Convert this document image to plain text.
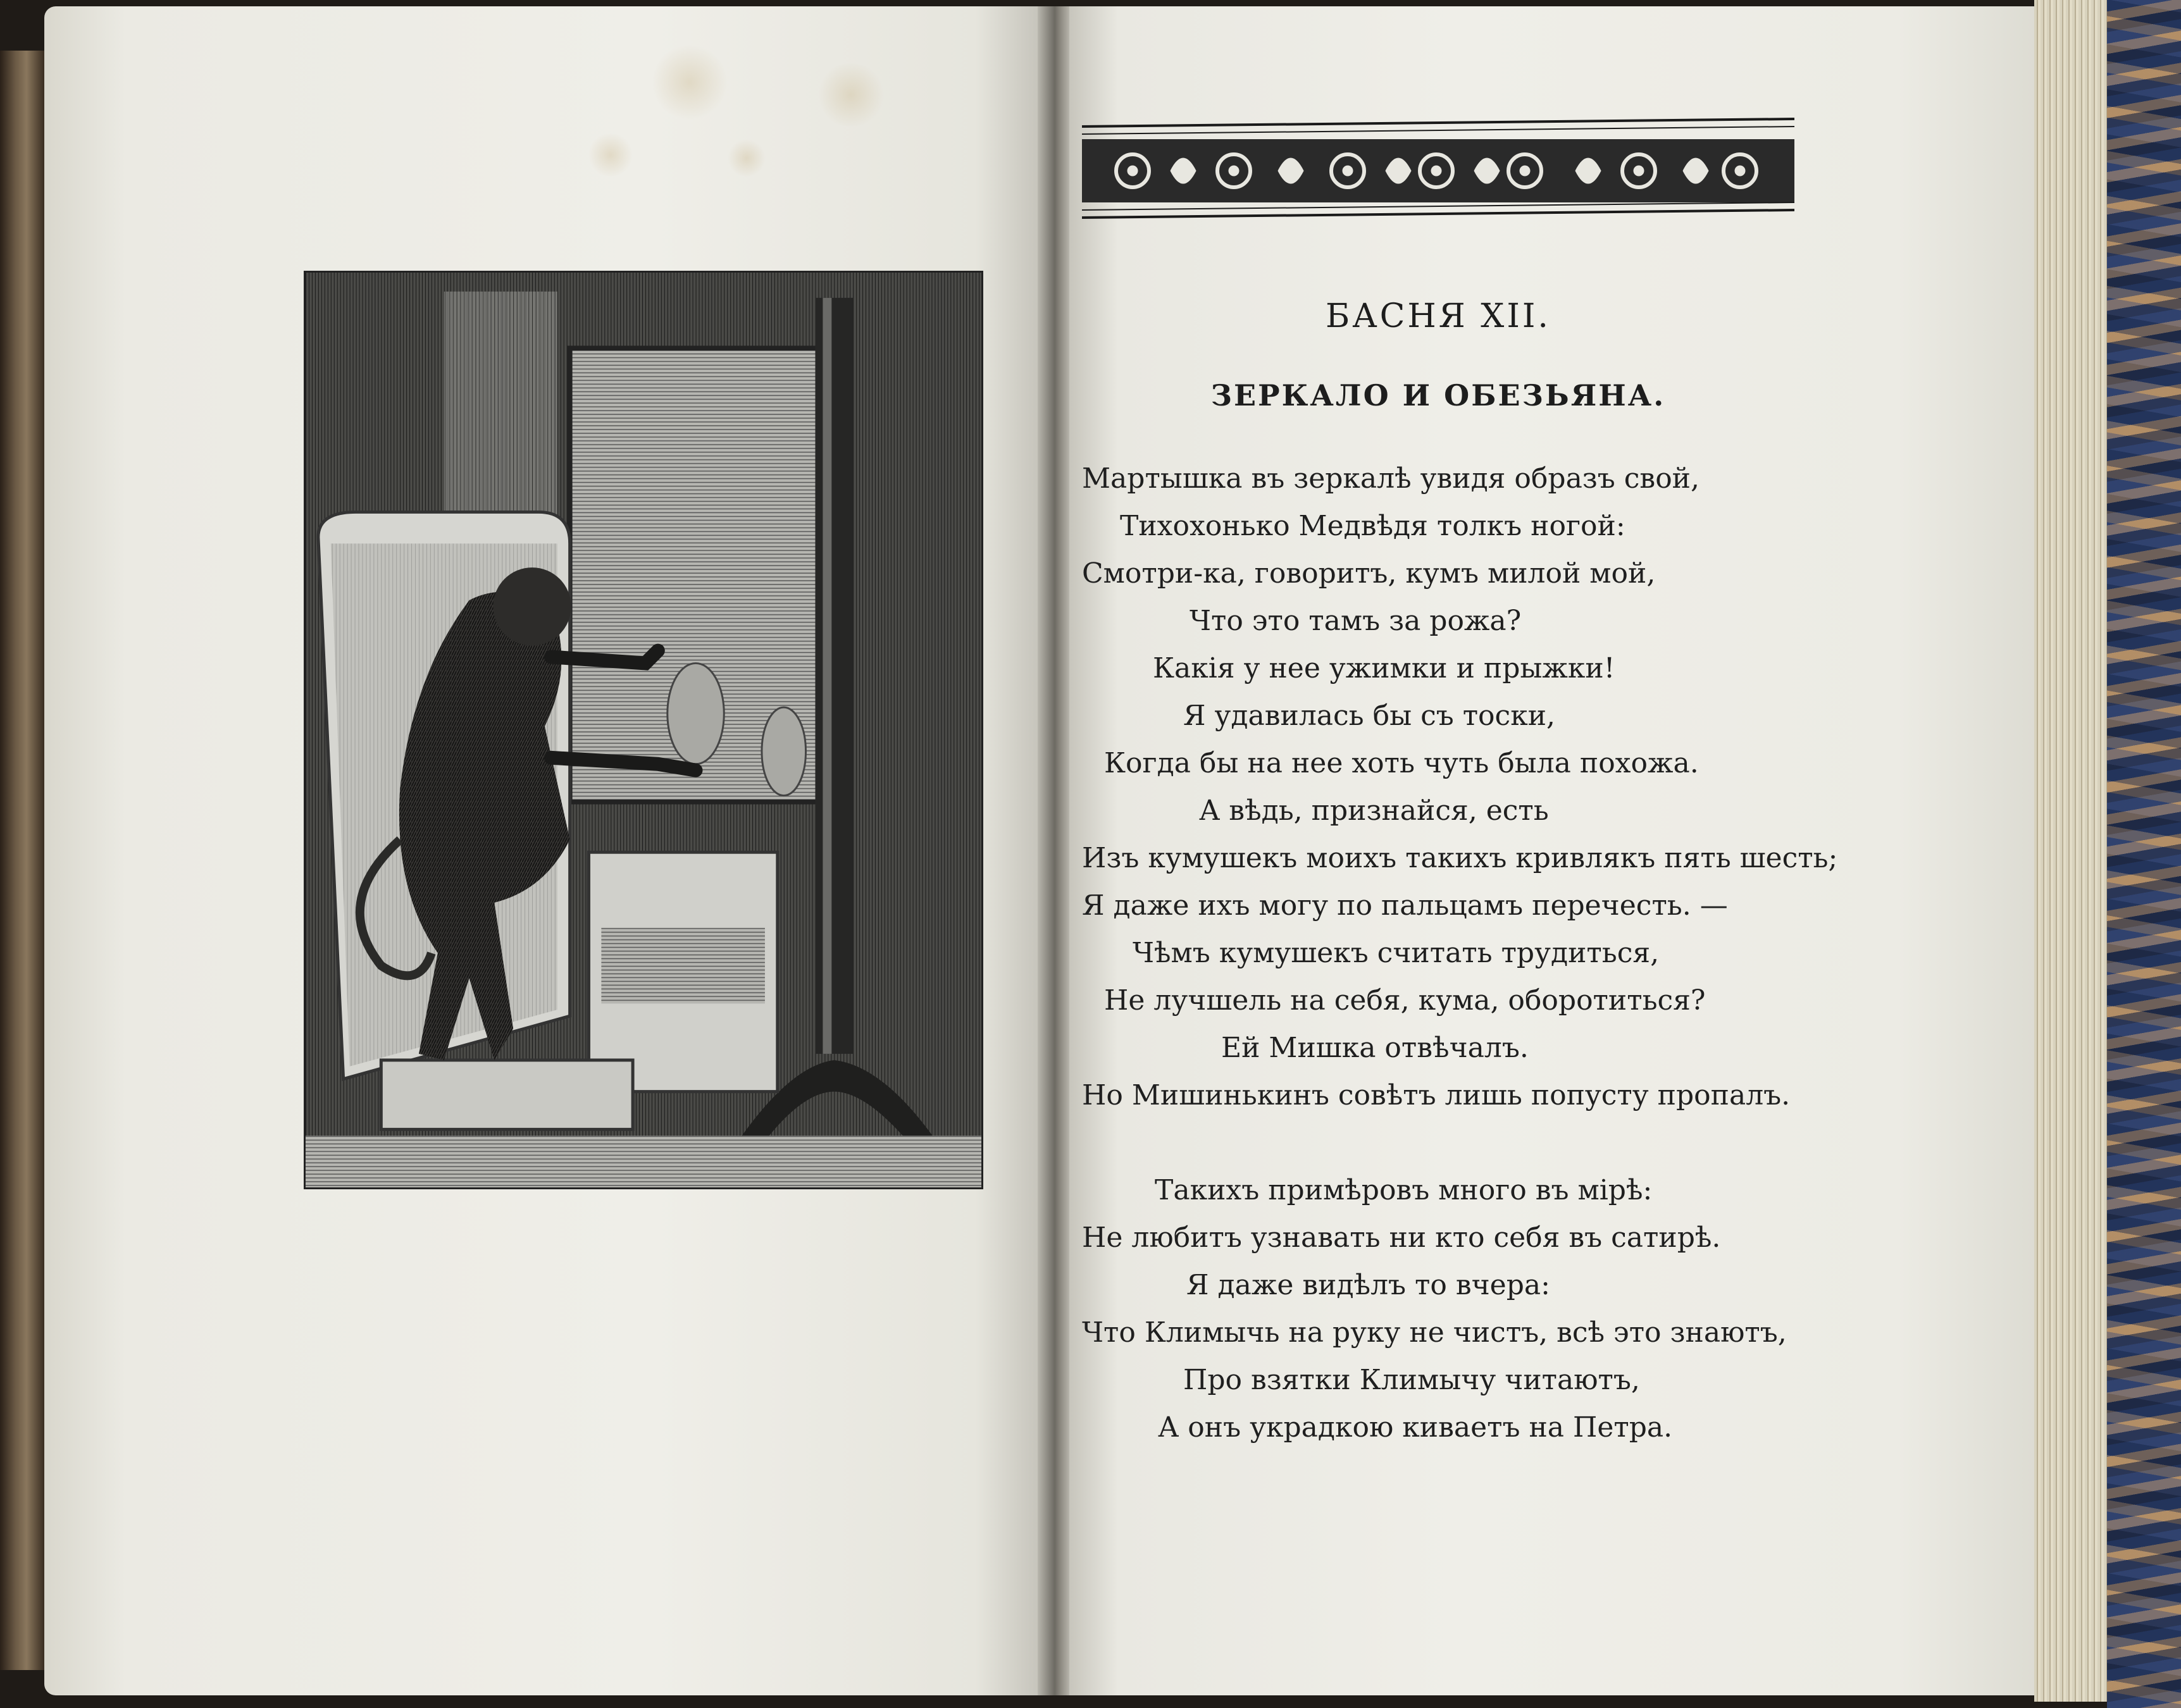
БАСНЯ XII.
ЗЕРКАЛО И ОБЕЗЬЯНА.
Мартышка въ зеркалѣ увидя образъ свой,
Тихохонько Медвѣдя толкъ ногой:
Смотри-ка, говоритъ, кумъ милой мой,
Что это тамъ за рожа?
Какія у нее ужимки и прыжки!
Я удавилась бы съ тоски,
Когда бы на нее хоть чуть была похожа.
А вѣдь, признайся, есть
Изъ кумушекъ моихъ такихъ кривлякъ пять шесть;
Я даже ихъ могу по пальцамъ перечесть. —
Чѣмъ кумушекъ считать трудиться,
Не лучшель на себя, кума, оборотиться?
Ей Мишка отвѣчалъ.
Но Мишинькинъ совѣтъ лишь попусту пропалъ.
Такихъ примѣровъ много въ мірѣ:
Не любитъ узнавать ни кто себя въ сатирѣ.
Я даже видѣлъ то вчера:
Что Климычь на руку не чистъ, всѣ это знаютъ,
Про взятки Климычу читаютъ,
А онъ украдкою киваетъ на Петра.
